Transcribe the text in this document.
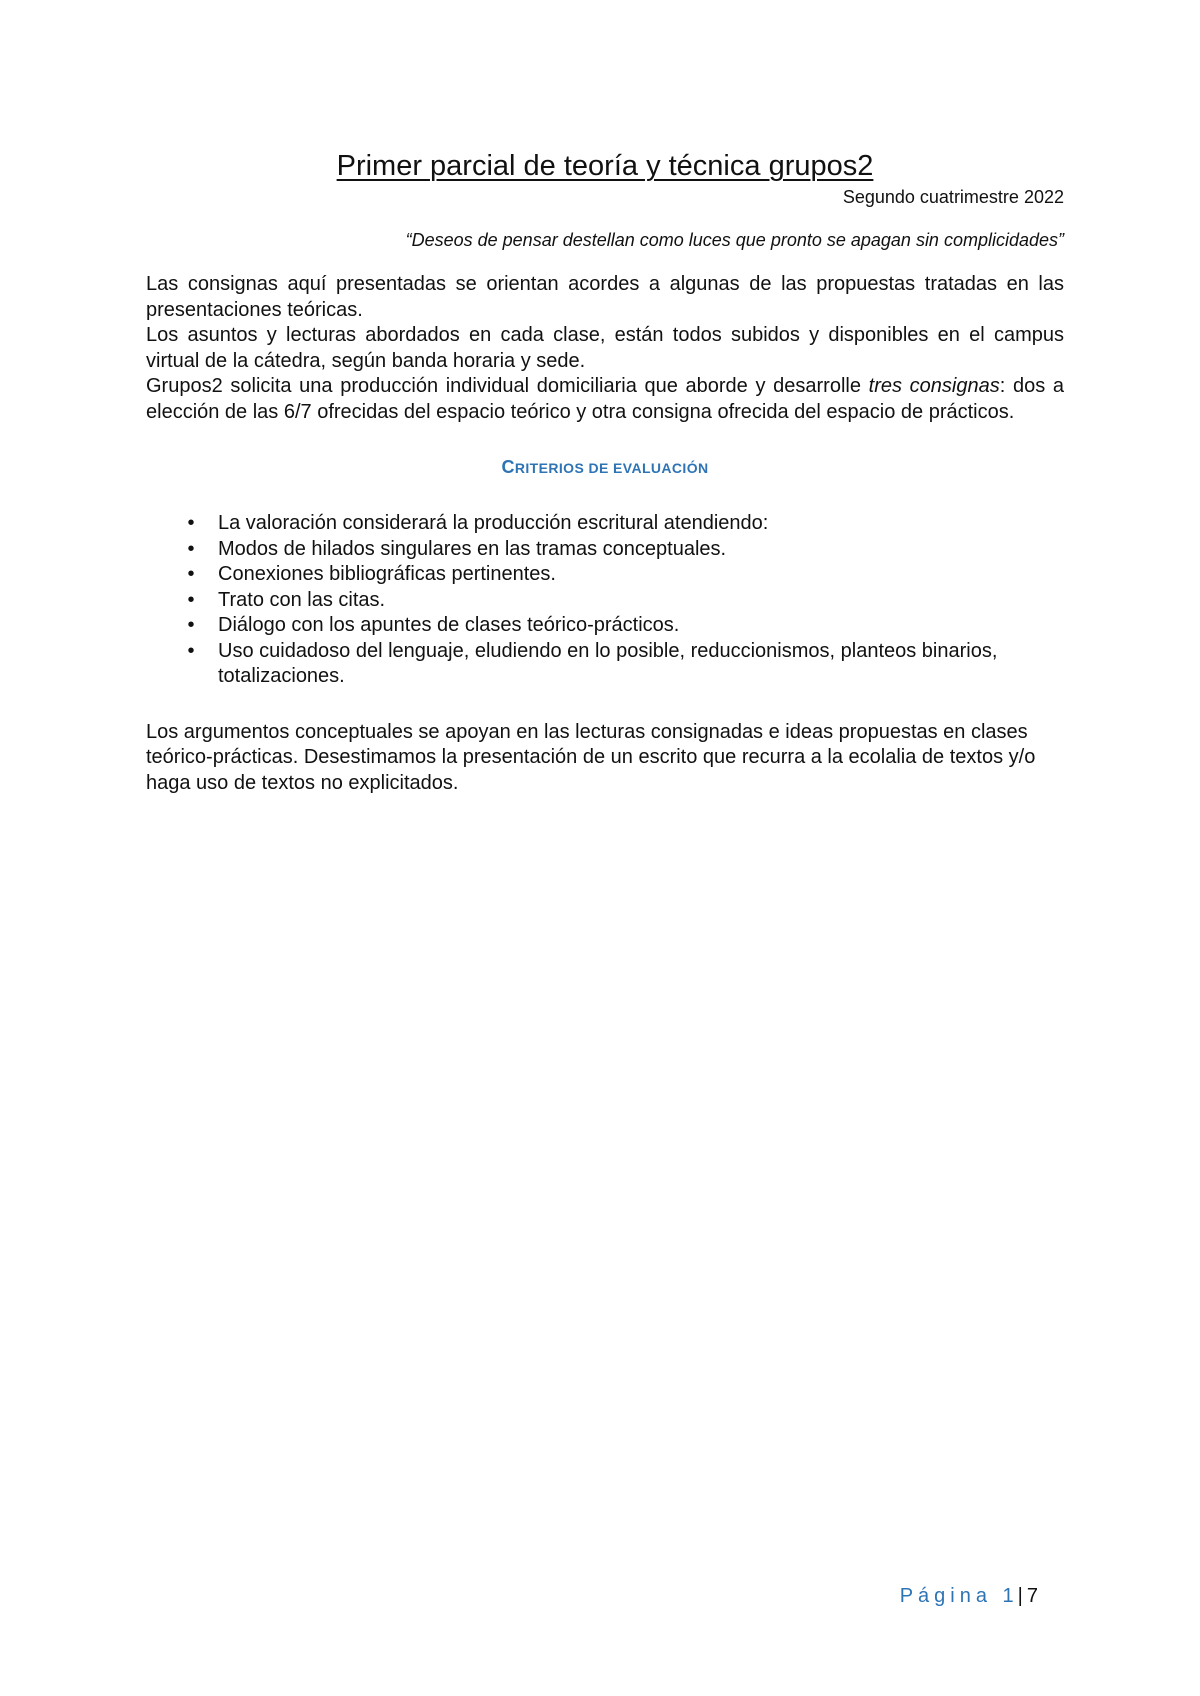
Primer parcial de teoría y técnica grupos2

Segundo cuatrimestre 2022

“Deseos de pensar destellan como luces que pronto se apagan sin complicidades”

Las consignas aquí presentadas se orientan acordes a algunas de las propuestas tratadas en las presentaciones teóricas.

Los asuntos y lecturas abordados en cada clase, están todos subidos y disponibles en el campus virtual de la cátedra, según banda horaria y sede.

Grupos2 solicita una producción individual domiciliaria que aborde y desarrolle tres consignas: dos a elección de las 6/7 ofrecidas del espacio teórico y otra consigna ofrecida del espacio de prácticos.

CRITERIOS DE EVALUACIÓN
• La valoración considerará la producción escritural atendiendo:
• Modos de hilados singulares en las tramas conceptuales.
• Conexiones bibliográficas pertinentes.
• Trato con las citas.
• Diálogo con los apuntes de clases teórico-prácticos.
• Uso cuidadoso del lenguaje, eludiendo en lo posible, reduccionismos, planteos binarios, totalizaciones.

Los argumentos conceptuales se apoyan en las lecturas consignadas e ideas propuestas en clases teórico-prácticas. Desestimamos la presentación de un escrito que recurra a la ecolalia de textos y/o haga uso de textos no explicitados.

Página 1 | 7
